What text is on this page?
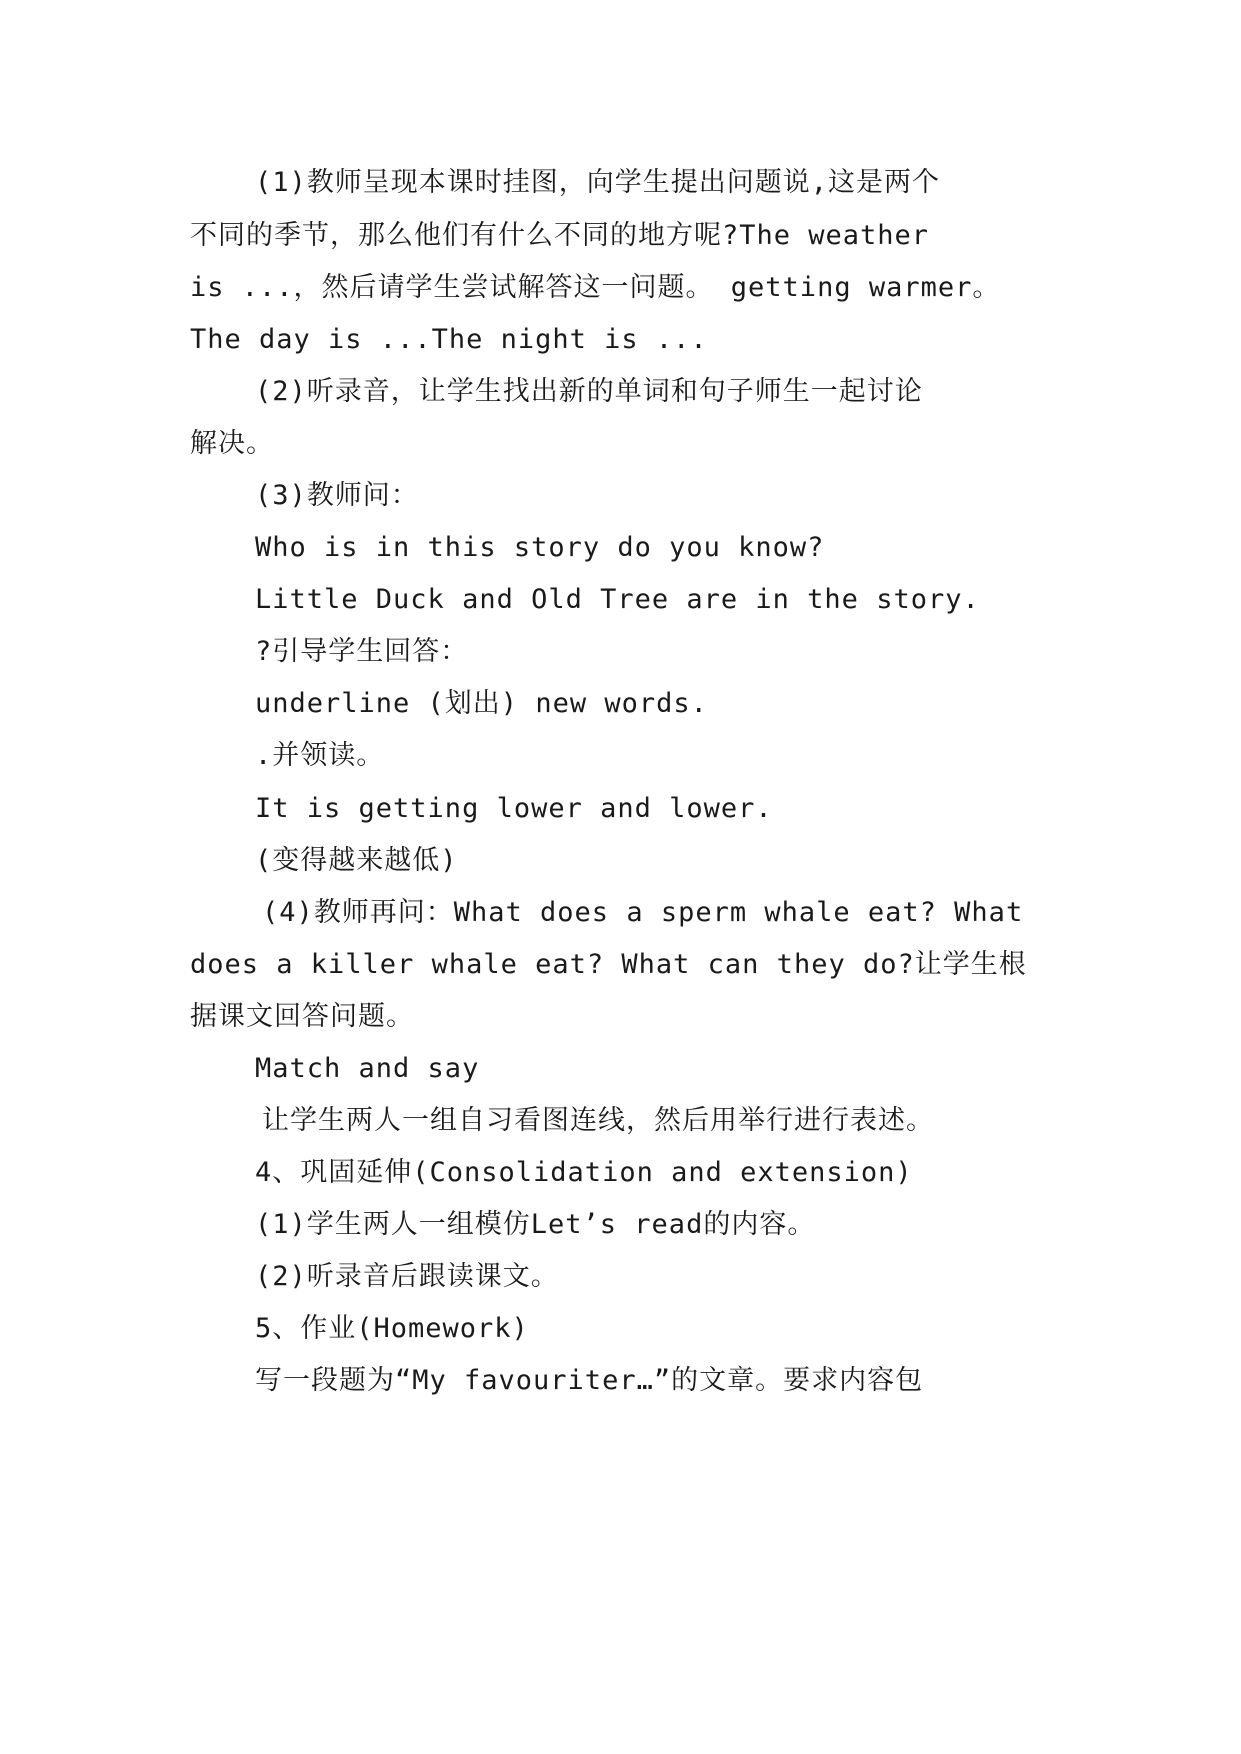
(1)教师呈现本课时挂图，向学生提出问题说,这是两个
不同的季节，那么他们有什么不同的地方呢?The weather
is ...，然后请学生尝试解答这一问题。 getting warmer。
The day is ...The night is ...
(2)听录音，让学生找出新的单词和句子师生一起讨论
解决。
(3)教师问：
Who is in this story do you know?
Little Duck and Old Tree are in the story.
?引导学生回答：
underline (划出) new words.
.并领读。
It is getting lower and lower.
(变得越来越低)
(4)教师再问：What does a sperm whale eat? What
does a killer whale eat? What can they do?让学生根
据课文回答问题。
Match and say
让学生两人一组自习看图连线，然后用举行进行表述。
4、巩固延伸(Consolidation and extension)
(1)学生两人一组模仿Let’s read的内容。
(2)听录音后跟读课文。
5、作业(Homework)
写一段题为“My favouriter…”的文章。要求内容包
